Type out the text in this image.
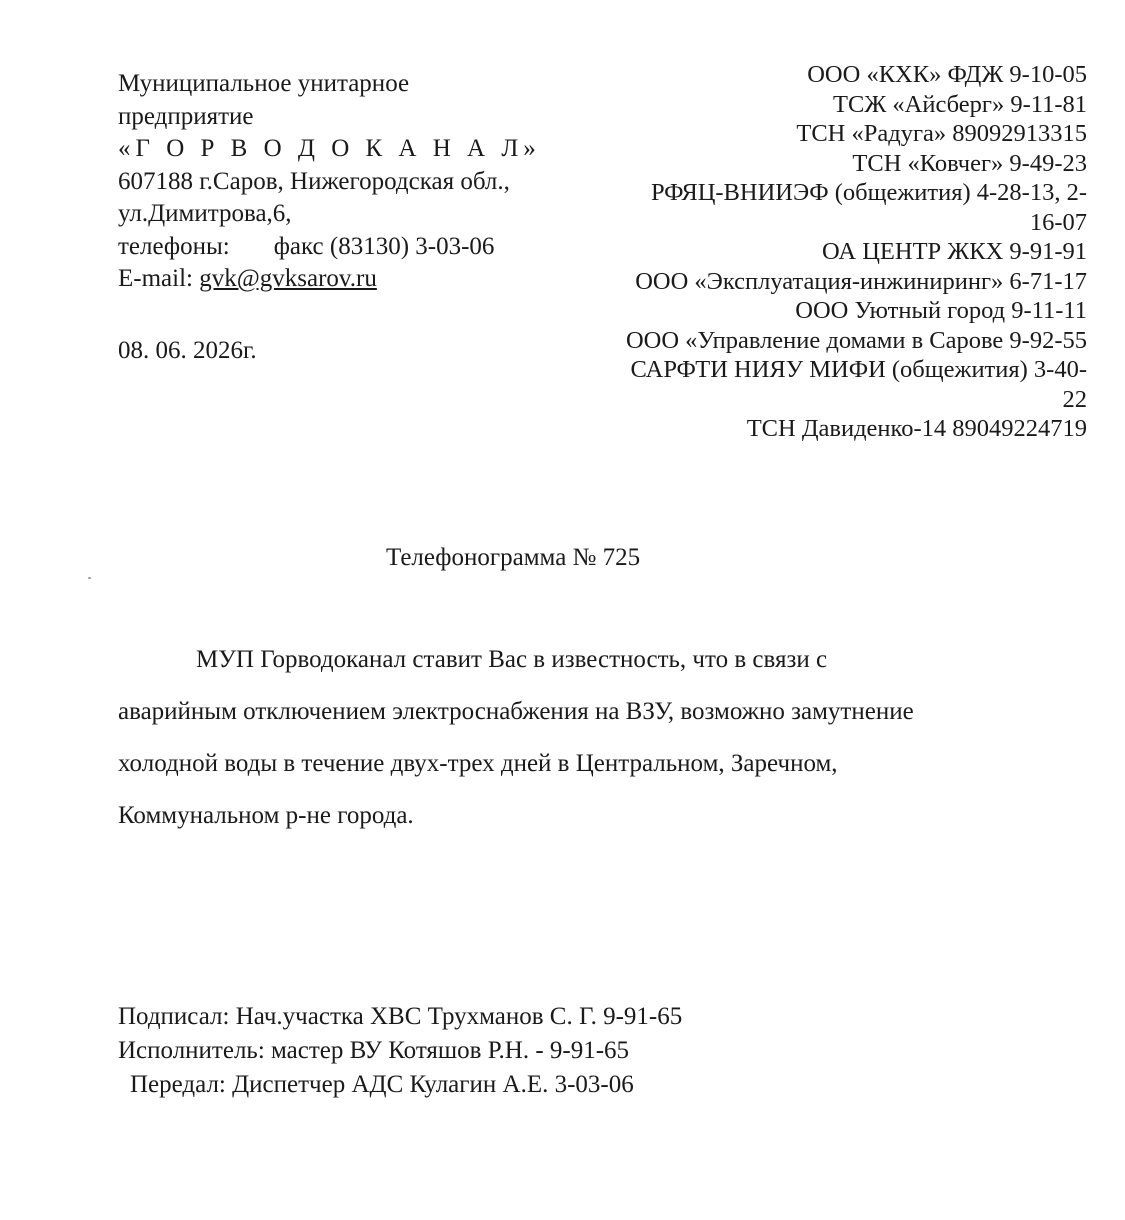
Муниципальное унитарное
предприятие
«Г О Р В О Д О К А Н А Л»
607188 г.Саров, Нижегородская обл.,
ул.Димитрова,6,
телефоны: факс (83130) 3-03-06
E-mail: gvk@gvksarov.ru
08. 06. 2026г.
ООО «КХК» ФДЖ 9-10-05
ТСЖ «Айсберг» 9-11-81
ТСН «Радуга» 89092913315
ТСН «Ковчег» 9-49-23
РФЯЦ-ВНИИЭФ (общежития) 4-28-13, 2-
16-07
ОА ЦЕНТР ЖКХ 9-91-91
ООО «Эксплуатация-инжиниринг» 6-71-17
ООО Уютный город 9-11-11
ООО «Управление домами в Сарове 9-92-55
САРФТИ НИЯУ МИФИ (общежития) 3-40-
22
ТСН Давиденко-14 89049224719
Телефонограмма № 725
МУП Горводоканал ставит Вас в известность, что в связи с
аварийным отключением электроснабжения на ВЗУ, возможно замутнение
холодной воды в течение двух-трех дней в Центральном, Заречном,
Коммунальном р-не города.
Подписал: Нач.участка ХВС Трухманов С. Г. 9-91-65
Исполнитель: мастер ВУ Котяшов Р.Н. - 9-91-65
Передал: Диспетчер АДС Кулагин А.Е. 3-03-06
